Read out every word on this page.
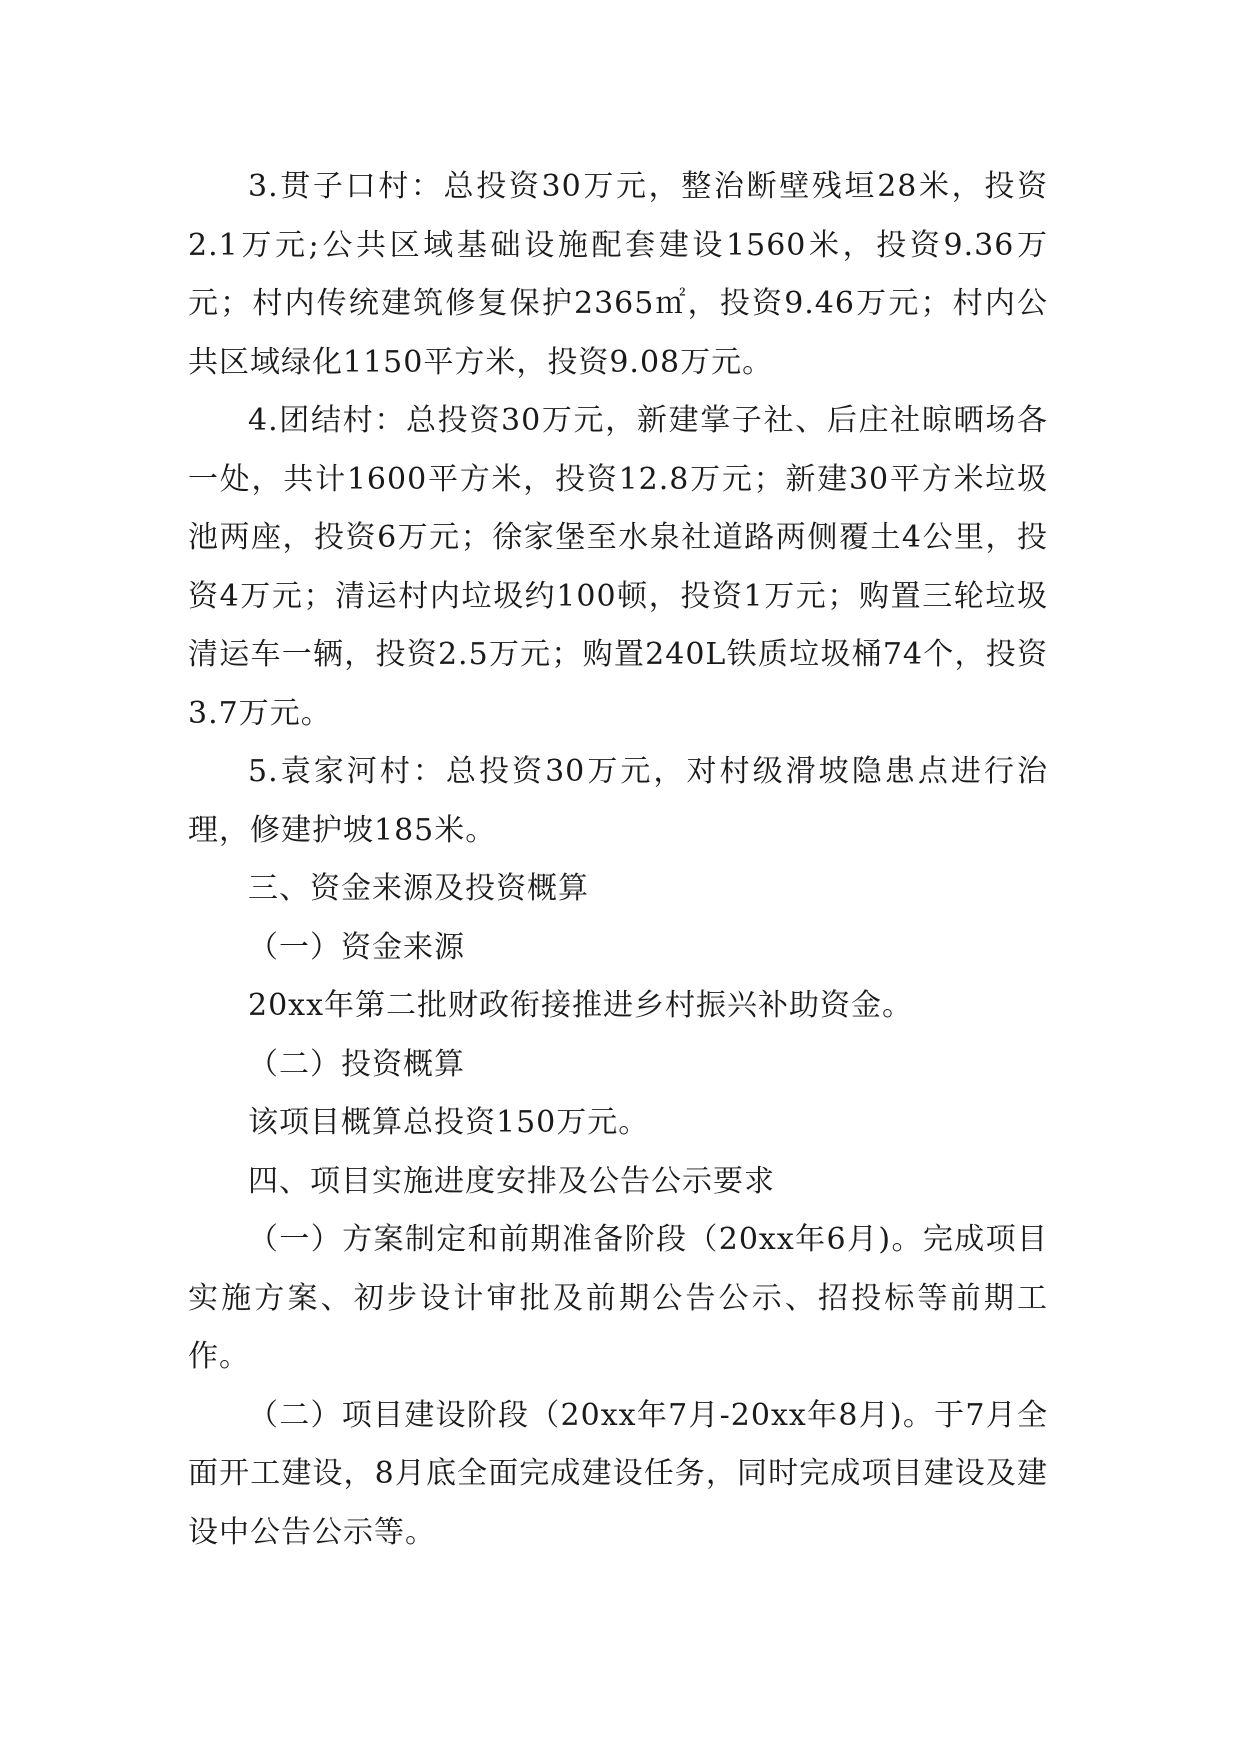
3.贯子口村：总投资30万元，整治断壁残垣28米，投资2.1万元;公共区域基础设施配套建设1560米，投资9.36万元；村内传统建筑修复保护2365㎡，投资9.46万元；村内公共区域绿化1150平方米，投资9.08万元。

4.团结村：总投资30万元，新建掌子社、后庄社晾晒场各一处，共计1600平方米，投资12.8万元；新建30平方米垃圾池两座，投资6万元；徐家堡至水泉社道路两侧覆土4公里，投资4万元；清运村内垃圾约100顿，投资1万元；购置三轮垃圾清运车一辆，投资2.5万元；购置240L铁质垃圾桶74个，投资3.7万元。

5.袁家河村：总投资30万元，对村级滑坡隐患点进行治理，修建护坡185米。

三、资金来源及投资概算

（一）资金来源

20xx年第二批财政衔接推进乡村振兴补助资金。

（二）投资概算

该项目概算总投资150万元。

四、项目实施进度安排及公告公示要求

（一）方案制定和前期准备阶段（20xx年6月)。完成项目实施方案、初步设计审批及前期公告公示、招投标等前期工作。

（二）项目建设阶段（20xx年7月-20xx年8月)。于7月全面开工建设，8月底全面完成建设任务，同时完成项目建设及建设中公告公示等。
